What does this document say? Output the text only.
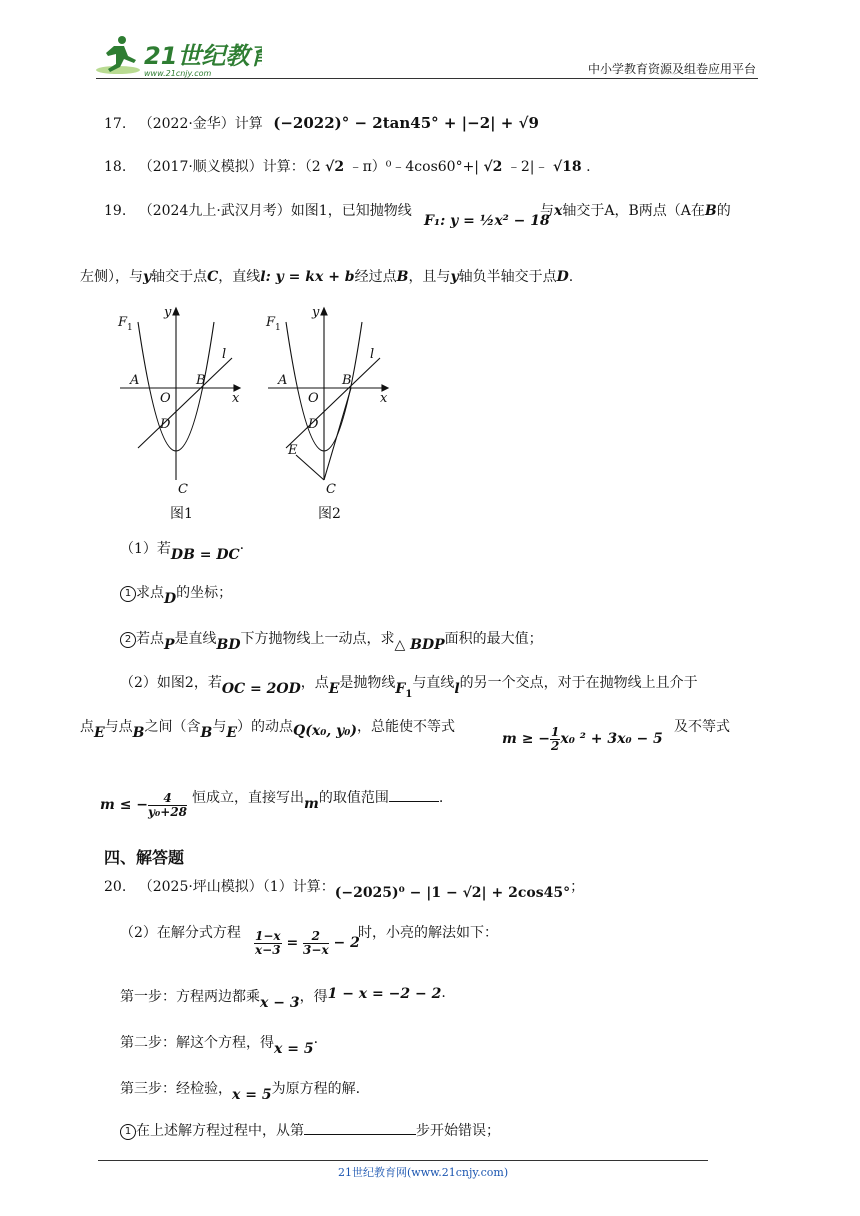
21世纪教育
www.21cnjy.com	中小学教育资源及组卷应用平台
17. （2022·金华）计算 (−2022)° − 2tan45° + |−2| + √9
18. （2017·顺义模拟）计算：（2 √2 ﹣π）⁰﹣4cos60°+| √2 ﹣2|﹣ √18 .
19. （2024九上·武汉月考）如图1，已知抛物线
F₁: y = ½x² − 18
与x轴交于A，B两点（A在B的
左侧），与y轴交于点C，直线l: y = kx + b经过点B，且与y轴负半轴交于点D.
F 1
y
x
A	B
O
D
C
l
F 1
y
x
A	B
O
D
E
C
l
图1	图2
（1）若DB = DC·
1 求点D的坐标；
2 若点P是直线BD下方抛物线上一动点，求△ BDP面积的最大值；
（2）如图2，若OC = 2OD，点E是抛物线$F_1$与直线l的另一个交点，对于在抛物线上且介于
点E与点B之间（含B与E）的动点Q(x₀, y₀)，总能使不等式
m ≥ − $\frac{1}{2} x_0$ ² + 3x₀ − 5
及不等式
m ≤ − $\frac{4}{\text{y₀+28}}$ 恒成立，直接写出m的取值范围	.
四、解答题
20. （2025·坪山模拟）（1）计算：(−2025)⁰ − |1 − √2| + 2cos45°；
（2）在解分式方程 $\frac{1-x}{x-3} = \frac{2}{3-x} - 2$
时，小亮的解法如下：
第一步：方程两边都乘x − 3，得1 − x = −2 − 2·
第二步：解这个方程，得x = 5·
第三步：经检验，x = 5为原方程的解.
1 在上述解方程过程中，从第	步开始错误；
21世纪教育网(www.21cnjy.com)
